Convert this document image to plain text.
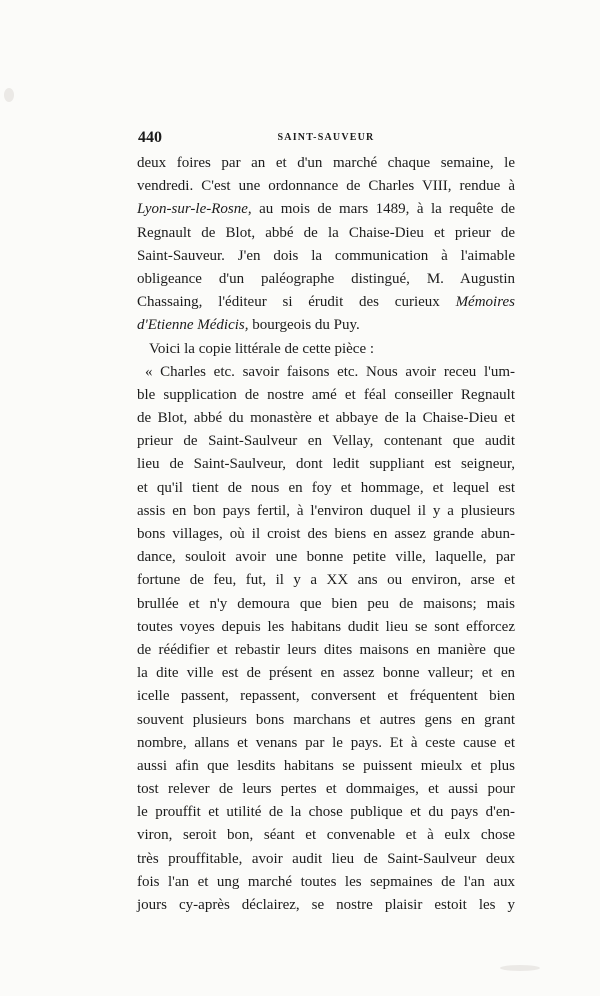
440	SAINT-SAUVEUR
deux foires par an et d'un marché chaque semaine, le
vendredi. C'est une ordonnance de Charles VIII, rendue à
Lyon-sur-le-Rosne, au mois de mars 1489, à la requête de
Regnault de Blot, abbé de la Chaise-Dieu et prieur de
Saint-Sauveur. J'en dois la communication à l'aimable
obligeance d'un paléographe distingué, M. Augustin
Chassaing, l'éditeur si érudit des curieux Mémoires
d'Etienne Médicis, bourgeois du Puy.
Voici la copie littérale de cette pièce :
« Charles etc. savoir faisons etc. Nous avoir receu l'um-
ble supplication de nostre amé et féal conseiller Regnault
de Blot, abbé du monastère et abbaye de la Chaise-Dieu et
prieur de Saint-Saulveur en Vellay, contenant que audit
lieu de Saint-Saulveur, dont ledit suppliant est seigneur,
et qu'il tient de nous en foy et hommage, et lequel est
assis en bon pays fertil, à l'environ duquel il y a plusieurs
bons villages, où il croist des biens en assez grande abun-
dance, souloit avoir une bonne petite ville, laquelle, par
fortune de feu, fut, il y a XX ans ou environ, arse et
brullée et n'y demoura que bien peu de maisons; mais
toutes voyes depuis les habitans dudit lieu se sont efforcez
de réédifier et rebastir leurs dites maisons en manière que
la dite ville est de présent en assez bonne valleur; et en
icelle passent, repassent, conversent et fréquentent bien
souvent plusieurs bons marchans et autres gens en grant
nombre, allans et venans par le pays. Et à ceste cause et
aussi afin que lesdits habitans se puissent mieulx et plus
tost relever de leurs pertes et dommaiges, et aussi pour
le prouffit et utilité de la chose publique et du pays d'en-
viron, seroit bon, séant et convenable et à eulx chose
très prouffitable, avoir audit lieu de Saint-Saulveur deux
fois l'an et ung marché toutes les sepmaines de l'an aux
jours cy-après déclairez, se nostre plaisir estoit les y
